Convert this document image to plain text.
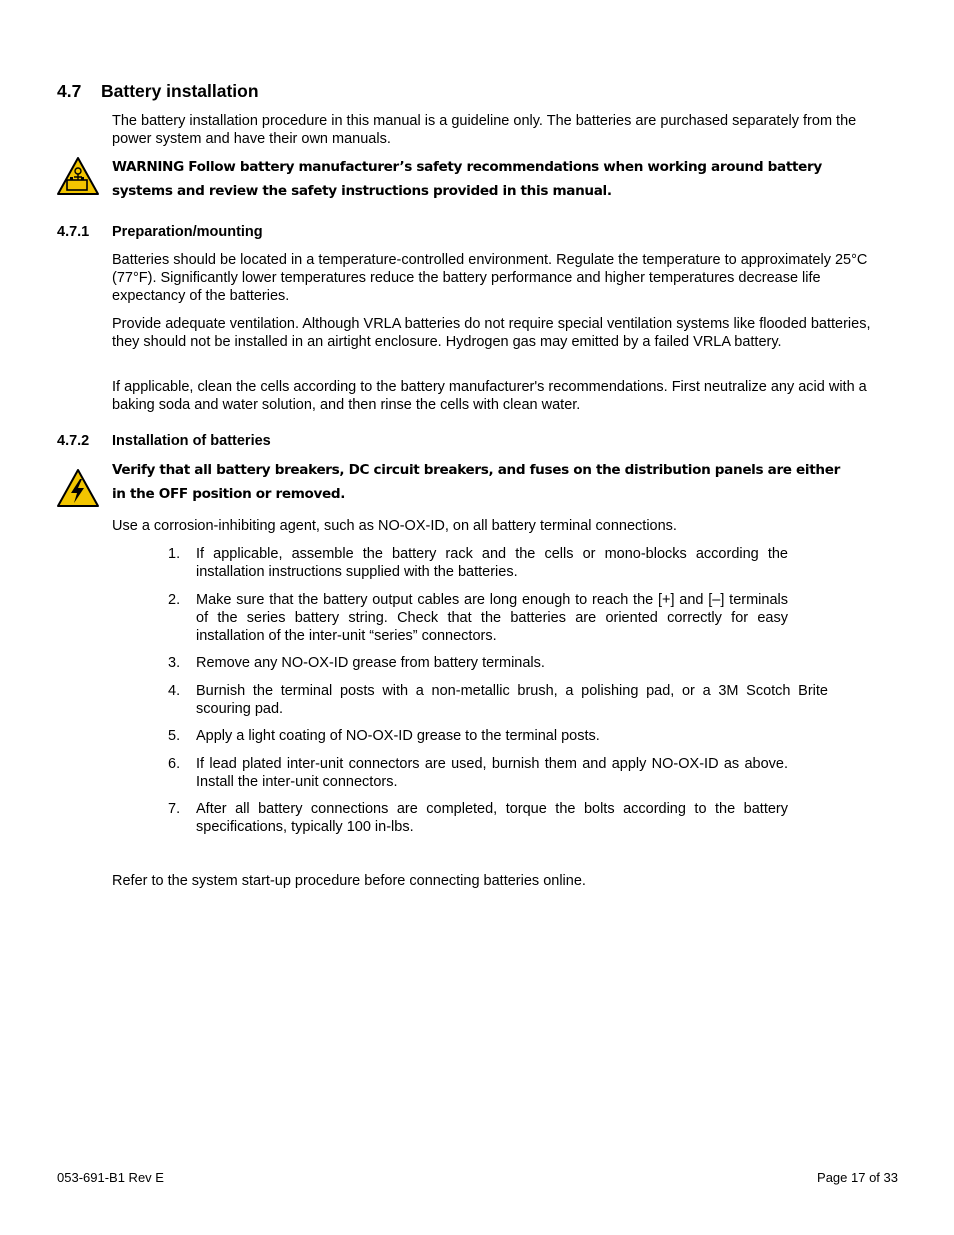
4.7 Battery installation

The battery installation procedure in this manual is a guideline only. The batteries are purchased separately from the power system and have their own manuals.

WARNING Follow battery manufacturer’s safety recommendations when working around battery systems and review the safety instructions provided in this manual.

4.7.1 Preparation/mounting

Batteries should be located in a temperature-controlled environment. Regulate the temperature to approximately 25°C (77°F). Significantly lower temperatures reduce the battery performance and higher temperatures decrease life expectancy of the batteries.

Provide adequate ventilation. Although VRLA batteries do not require special ventilation systems like flooded batteries, they should not be installed in an airtight enclosure. Hydrogen gas may emitted by a failed VRLA battery.

If applicable, clean the cells according to the battery manufacturer's recommendations. First neutralize any acid with a baking soda and water solution, and then rinse the cells with clean water.

4.7.2 Installation of batteries

Verify that all battery breakers, DC circuit breakers, and fuses on the distribution panels are either in the OFF position or removed.

Use a corrosion-inhibiting agent, such as NO-OX-ID, on all battery terminal connections.

1. If applicable, assemble the battery rack and the cells or mono-blocks according the installation instructions supplied with the batteries.
2. Make sure that the battery output cables are long enough to reach the [+] and [–] terminals of the series battery string. Check that the batteries are oriented correctly for easy installation of the inter-unit “series” connectors.
3. Remove any NO-OX-ID grease from battery terminals.
4. Burnish the terminal posts with a non-metallic brush, a polishing pad, or a 3M Scotch Brite scouring pad.
5. Apply a light coating of NO-OX-ID grease to the terminal posts.
6. If lead plated inter-unit connectors are used, burnish them and apply NO-OX-ID as above. Install the inter-unit connectors.
7. After all battery connections are completed, torque the bolts according to the battery specifications, typically 100 in-lbs.

Refer to the system start-up procedure before connecting batteries online.

053-691-B1 Rev E	Page 17 of 33
